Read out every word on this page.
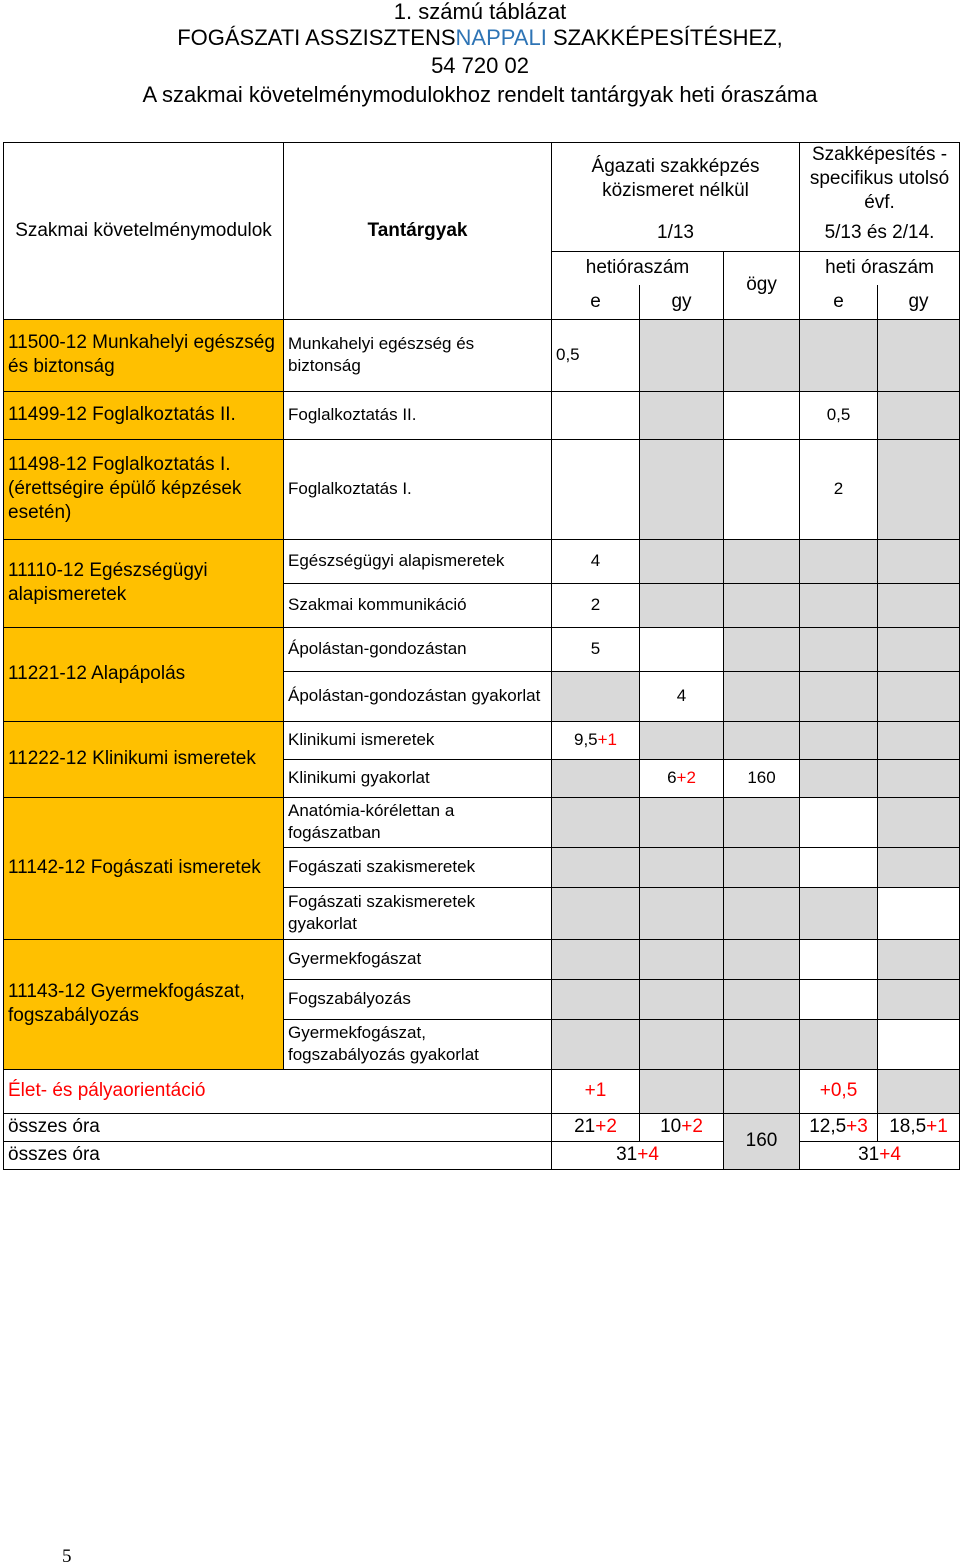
1. számú táblázat
FOGÁSZATI ASSZISZTENSNAPPALI SZAKKÉPESÍTÉSHEZ,
54 720 02
A szakmai követelménymodulokhoz rendelt tantárgyak heti óraszáma
Szakmai követelménymodulok	Tantárgyak	Ágazati szakképzés közismeret nélkül			Szakképesítés -specifikus utolsó évf.	
		1/13			5/13 és 2/14.	
		hetióraszám		ögy	heti óraszám	
		e	gy		e	gy
11500-12 Munkahelyi egészség és biztonság	Munkahelyi egészség és biztonság	0,5				
11499-12 Foglalkoztatás II.	Foglalkoztatás II.				0,5	
11498-12 Foglalkoztatás I. (érettségire épülő képzések esetén)	Foglalkoztatás I.				2	
11110-12 Egészségügyi alapismeretek	Egészségügyi alapismeretek	4				
	Szakmai kommunikáció	2				
11221-12 Alapápolás	Ápolástan-gondozástan	5				
	Ápolástan-gondozástan gyakorlat		4			
11222-12 Klinikumi ismeretek	Klinikumi ismeretek	9,5+1				
	Klinikumi gyakorlat		6+2	160		
11142-12 Fogászati ismeretek	Anatómia-kórélettan a fogászatban					
	Fogászati szakismeretek					
	Fogászati szakismeretek gyakorlat					
11143-12 Gyermekfogászat, fogszabályozás	Gyermekfogászat					
	Fogszabályozás					
	Gyermekfogászat, fogszabályozás gyakorlat					
Élet- és pályaorientáció		+1			+0,5	
összes óra		21+2	10+2	160	12,5+3	18,5+1
összes óra		31+4			31+4	
5
